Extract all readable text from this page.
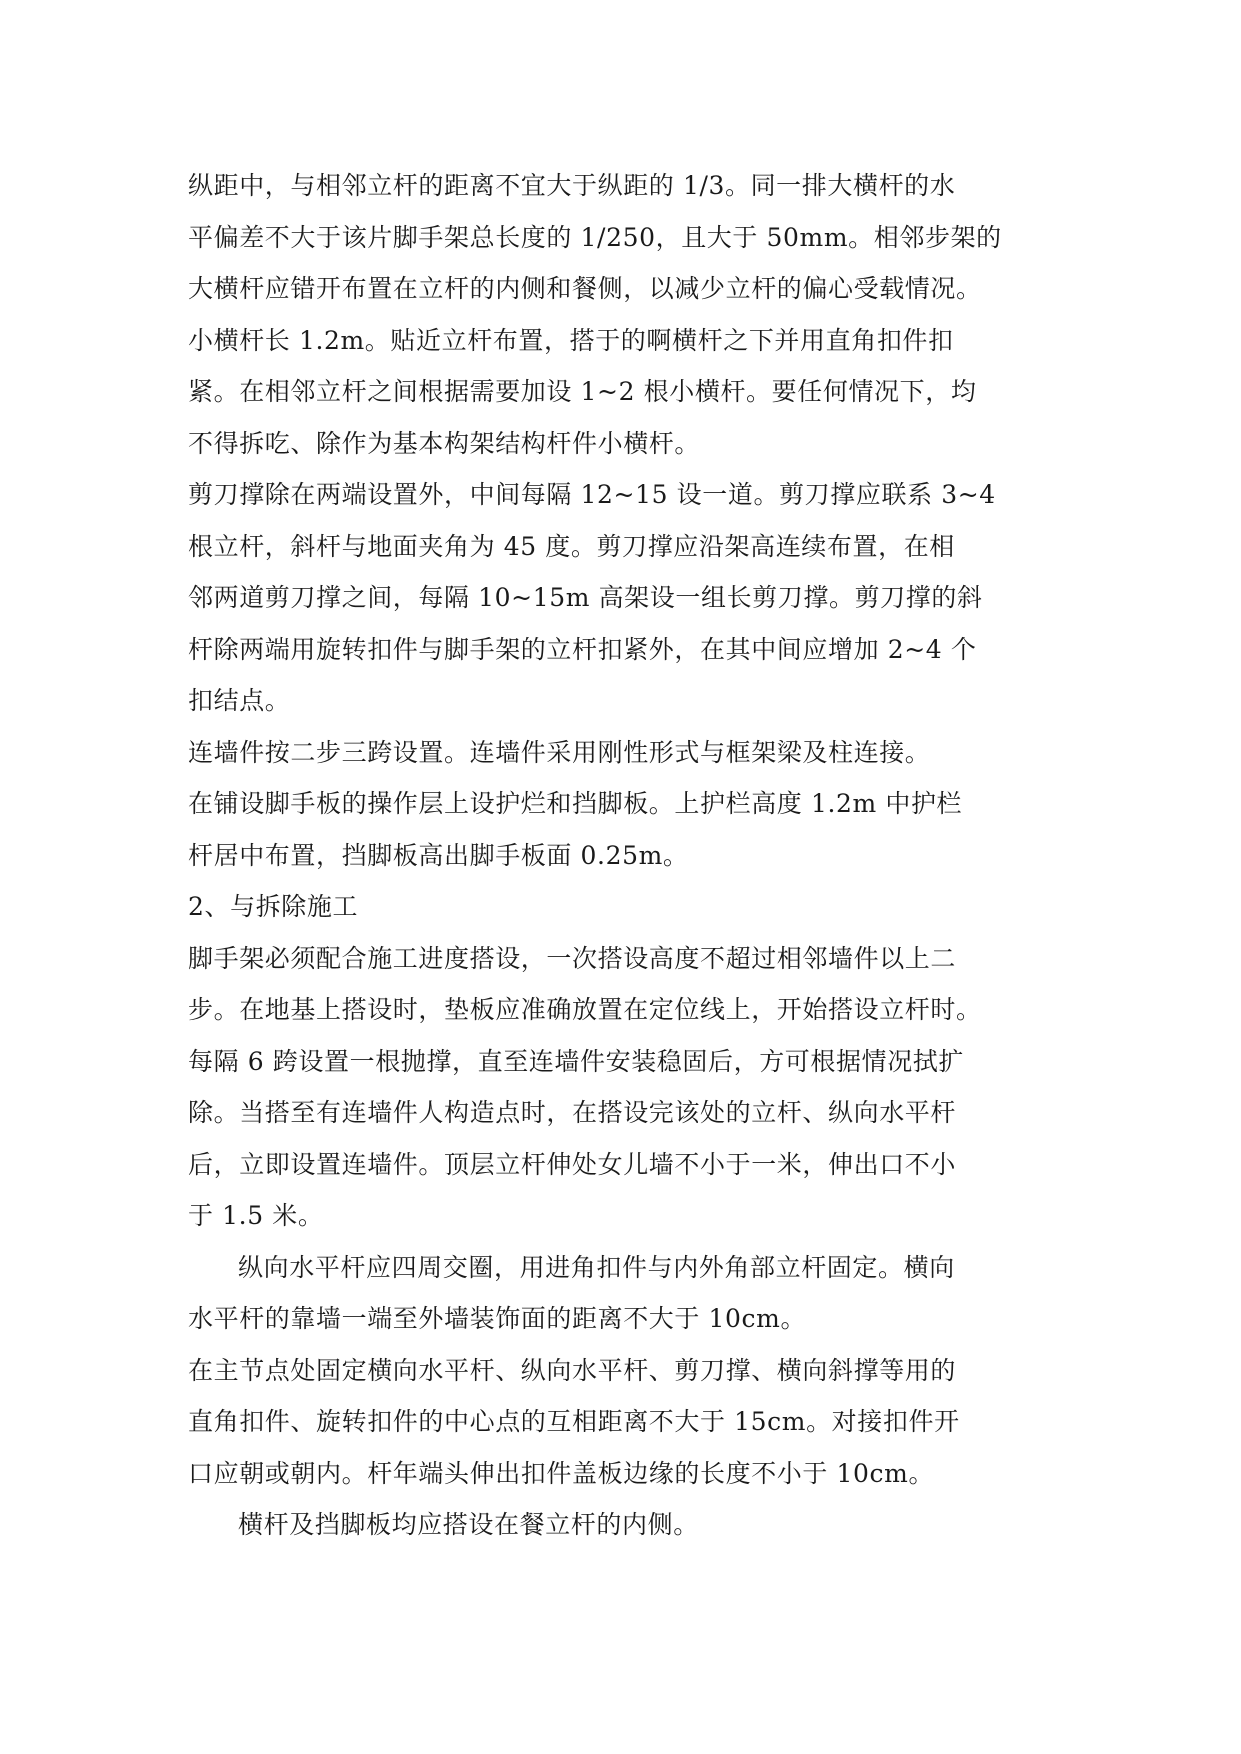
纵距中，与相邻立杆的距离不宜大于纵距的 1/3。同一排大横杆的水
平偏差不大于该片脚手架总长度的 1/250，且大于 50mm。相邻步架的
大横杆应错开布置在立杆的内侧和餐侧，以减少立杆的偏心受载情况。
小横杆长 1.2m。贴近立杆布置，搭于的啊横杆之下并用直角扣件扣
紧。在相邻立杆之间根据需要加设 1~2 根小横杆。要任何情况下，均
不得拆吃、除作为基本构架结构杆件小横杆。
剪刀撑除在两端设置外，中间每隔 12~15 设一道。剪刀撑应联系 3~4
根立杆，斜杆与地面夹角为 45 度。剪刀撑应沿架高连续布置，在相
邻两道剪刀撑之间，每隔 10~15m 高架设一组长剪刀撑。剪刀撑的斜
杆除两端用旋转扣件与脚手架的立杆扣紧外，在其中间应增加 2~4 个
扣结点。
连墙件按二步三跨设置。连墙件采用刚性形式与框架梁及柱连接。
在铺设脚手板的操作层上设护烂和挡脚板。上护栏高度 1.2m 中护栏
杆居中布置，挡脚板高出脚手板面 0.25m。
2、与拆除施工
脚手架必须配合施工进度搭设，一次搭设高度不超过相邻墙件以上二
步。在地基上搭设时，垫板应准确放置在定位线上，开始搭设立杆时。
每隔 6 跨设置一根抛撑，直至连墙件安装稳固后，方可根据情况拭扩
除。当搭至有连墙件人构造点时，在搭设完该处的立杆、纵向水平杆
后，立即设置连墙件。顶层立杆伸处女儿墙不小于一米，伸出口不小
于 1.5 米。
纵向水平杆应四周交圈，用进角扣件与内外角部立杆固定。横向
水平杆的靠墙一端至外墙装饰面的距离不大于 10cm。
在主节点处固定横向水平杆、纵向水平杆、剪刀撑、横向斜撑等用的
直角扣件、旋转扣件的中心点的互相距离不大于 15cm。对接扣件开
口应朝或朝内。杆年端头伸出扣件盖板边缘的长度不小于 10cm。
横杆及挡脚板均应搭设在餐立杆的内侧。
